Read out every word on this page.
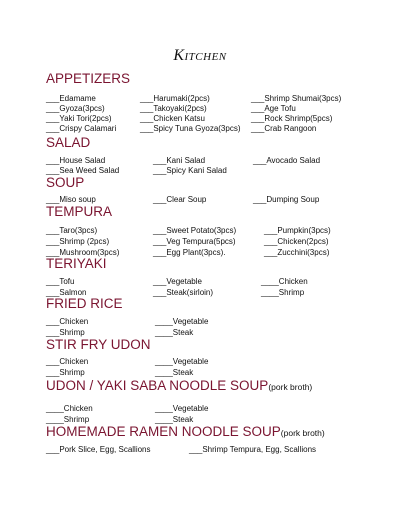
Kitchen
APPETIZERS
___Edamame	___Harumaki(2pcs)	___Shrimp Shumai(3pcs)
___Gyoza(3pcs)	___Takoyaki(2pcs)	___Age Tofu
___Yaki Tori(2pcs)	___Chicken Katsu	___Rock Shrimp(5pcs)
___Crispy Calamari	___Spicy Tuna Gyoza(3pcs) ___Crab Rangoon
SALAD
___House Salad	___Kani Salad	___Avocado Salad
___Sea Weed Salad	___Spicy Kani Salad
SOUP
___Miso soup	___Clear Soup	___Dumping Soup
TEMPURA
___Taro(3pcs)	___Sweet Potato(3pcs)	___Pumpkin(3pcs)
___Shrimp (2pcs)	___Veg Tempura(5pcs)	___Chicken(2pcs)
___Mushroom(3pcs)	___Egg Plant(3pcs).	___Zucchini(3pcs)
TERIYAKI
___Tofu	___Vegetable	____Chicken
___Salmon	___Steak(sirloin)	____Shrimp
FRIED RICE
___Chicken	____Vegetable
___Shrimp	____Steak
STIR FRY UDON
___Chicken	____Vegetable
___Shrimp	____Steak
UDON / YAKI SABA NOODLE SOUP(pork broth)
____Chicken	____Vegetable
____Shrimp	____Steak
HOMEMADE RAMEN NOODLE SOUP(pork broth)
___Pork Slice, Egg, Scallions	___Shrimp Tempura, Egg, Scallions
